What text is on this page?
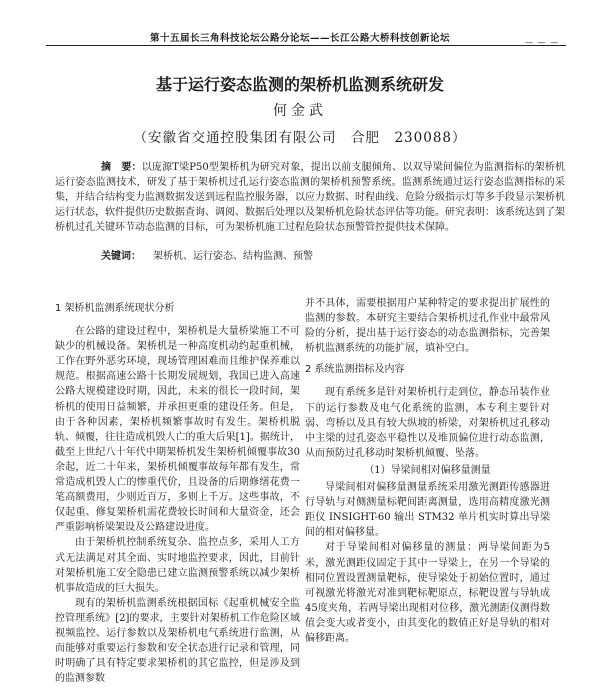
第十五届长三角科技论坛公路分论坛——长江公路大桥科技创新论坛	— — —
基于运行姿态监测的架桥机监测系统研发
何金武
（安徽省交通控股集团有限公司　合肥　230088）
摘　要：以庞源T梁P50型架桥机为研究对象，提出以前支腿倾角、以双导梁间偏位为监测指标的架桥机运行姿态监测技术，研发了基于架桥机过孔运行姿态监测的架桥机预警系统。监测系统通过运行姿态监测指标的采集，并结合结构变力监测数据发送到远程监控服务器，以应力数据、时程曲线、危险分级指示灯等多手段显示架桥机运行状态，软件提供历史数据查询、调阅、数据后处理以及架桥机危险状态评估等功能。研究表明：该系统达到了架桥机过孔关键环节动态监测的目标，可为架桥机施工过程危险状态预警管控提供技术保障。
关键词： 架桥机、运行姿态、结构监测、预警
1 架桥机监测系统现状分析

在公路的建设过程中，架桥机是大量桥梁施工不可缺少的机械设备。架桥机是一种高度机动约起重机械，工作在野外恶劣环境，现场管理困难而且维护保养难以规范。根据高速公路十长期发展规划，我国已进入高速公路大规模建设时期，因此，未来的很长一段时间，架桥机的使用日益频繁，并承担更重的建设任务。但是，由于各种因素，架桥机频繁事故时有发生。架桥机脱轨、倾覆，往往造成机毁人亡的重大后果[1]。据统计，截至上世纪八十年代中期架桥机发生架桥机倾覆事故30余起，近二十年来，架桥机倾覆事故每年都有发生，常常造成机毁人亡的惨重代价，且设备的后期修缮花费一笔高额费用，少则近百万，多则上千万。这些事故，不仅起重、修复架桥机需花费较长时间和大量资金，还会严重影响桥梁架设及公路建设进度。

由于架桥机控制系统复杂、监控点多，采用人工方式无法满足对其全面、实时地监控要求，因此，目前针对架桥机施工安全隐患已建立监测预警系统以减少架桥机事故造成的巨大损失。

现有的架桥机监测系统根据国标《起重机械安全监控管理系统》[2]的要求，主要针对架桥机工作危险区域视频监控、运行参数以及架桥机电气系统进行监测，从而能够对重要运行参数和安全状态进行记录和管理，同时明确了具有特定要求架桥机的其它监控，但是涉及到的监测参数

并不具体，需要根据用户某种特定的要求提出扩展性的监测的参数。本研究主要结合架桥机过孔作业中最常风险的分析，提出基于运行姿态的动态监测指标，完善架桥机监测系统的功能扩展，填补空白。

2 系统监测指标及内容

现有系统多是针对架桥机行走到位，静态吊装作业下的运行参数及电气化系统的监测，本专利主要针对弱、弯桥以及具有较大纵坡的桥梁，对架桥机过孔移动中主梁的过孔姿态平稳性以及堆顶偏位进行动态监测，从而预防过孔移动时架桥机倾覆、坠落。

（1）导梁间相对偏移量测量

导梁间相对偏移量测量系统采用激光测距传感器进行导轨与对侧测量标靶间距离测量，选用高精度激光测距仪 INSIGHT-60 输出 STM32 单片机实时算出导梁间的相对偏移量。

对于导梁间相对偏移量的测量：两导梁间距为5米，激光测距仪固定于其中一导梁上，在另一个导梁的相同位置设置测量靶标，使导梁处于初始位置时，通过可视激光将激光对准到靶标靶原点，标靶设置与导轨成45度夹角，若两导梁出现相对位移，激光测距仪测得数值会变大或者变小，由其变化的数值正好是导轨的相对偏移距离。
